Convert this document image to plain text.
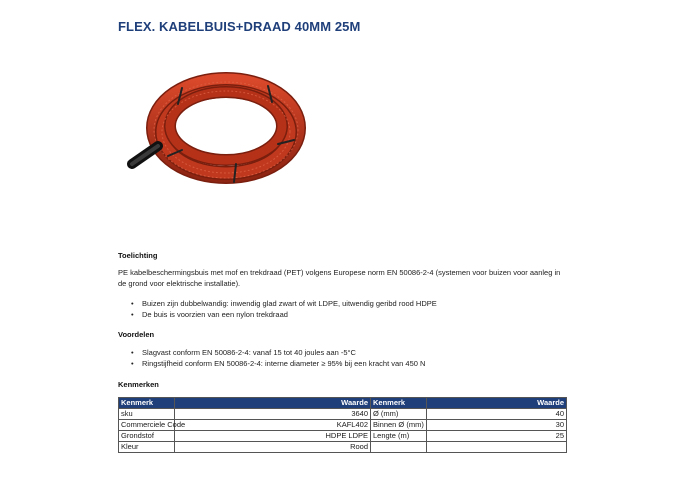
FLEX. KABELBUIS+DRAAD 40MM 25M
Toelichting
PE kabelbeschermingsbuis met mof en trekdraad (PET) volgens Europese norm EN 50086-2-4 (systemen voor buizen voor aanleg in de grond voor elektrische installatie).
• Buizen zijn dubbelwandig: inwendig glad zwart of wit LDPE, uitwendig geribd rood HDPE
• De buis is voorzien van een nylon trekdraad
Voordelen
• Slagvast conform EN 50086-2-4: vanaf 15 tot 40 joules aan -5°C
• Ringstijfheid conform EN 50086-2-4: interne diameter ≥ 95% bij een kracht van 450 N
Kenmerken
Kenmerk	Waarde	Kenmerk	Waarde
sku	3640	Ø (mm)	40
Commerciele Code	KAFL402	Binnen Ø (mm)	30
Grondstof	HDPE LDPE	Lengte (m)	25
Kleur	Rood		
